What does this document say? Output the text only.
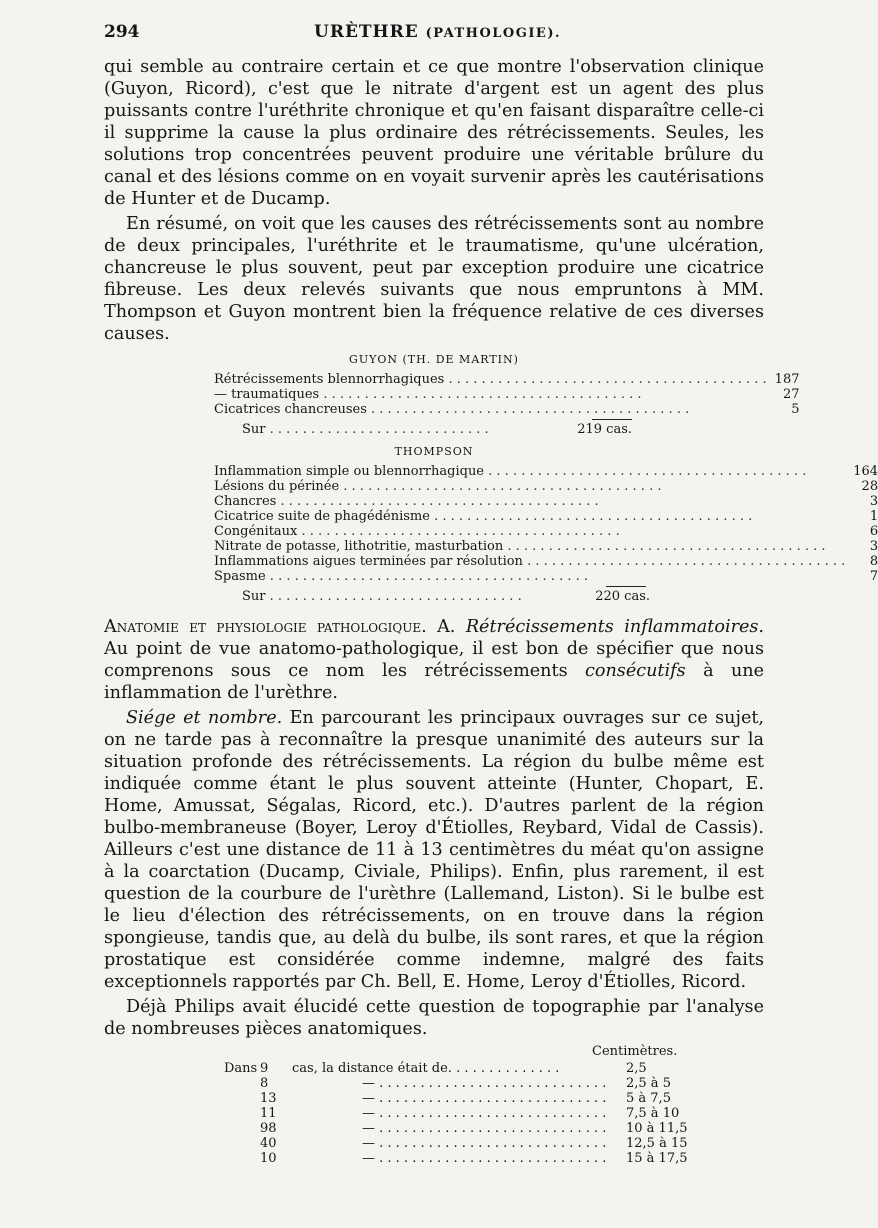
294	URÈTHRE (PATHOLOGIE).

qui semble au contraire certain et ce que montre l'observation clinique (Guyon, Ricord), c'est que le nitrate d'argent est un agent des plus puissants contre l'uréthrite chronique et qu'en faisant disparaître celle-ci il supprime la cause la plus ordinaire des rétrécissements. Seules, les solutions trop concentrées peuvent produire une véritable brûlure du canal et des lésions comme on en voyait survenir après les cautérisations de Hunter et de Ducamp.

En résumé, on voit que les causes des rétrécissements sont au nombre de deux principales, l'uréthrite et le traumatisme, qu'une ulcération, chancreuse le plus souvent, peut par exception produire une cicatrice fibreuse. Les deux relevés suivants que nous empruntons à MM. Thompson et Guyon montrent bien la fréquence relative de ces diverses causes.

GUYON (TH. DE MARTIN)
Rétrécissements blennorrhagiques . . . . . . . . . . . . . . . . . . . . . . . . . . . . . . . . . . . . . . .	187
— traumatiques . . . . . . . . . . . . . . . . . . . . . . . . . . . . . . . . . . . . . . .	27
Cicatrices chancreuses . . . . . . . . . . . . . . . . . . . . . . . . . . . . . . . . . . . . . . .	5
Sur . . . . . . . . . . . . . . . . . . . . . . . . . . .	219 cas.
THOMPSON
Inflammation simple ou blennorrhagique . . . . . . . . . . . . . . . . . . . . . . . . . . . . . . . . . . . . . . .	164
Lésions du périnée . . . . . . . . . . . . . . . . . . . . . . . . . . . . . . . . . . . . . . .	28
Chancres . . . . . . . . . . . . . . . . . . . . . . . . . . . . . . . . . . . . . . .	3
Cicatrice suite de phagédénisme . . . . . . . . . . . . . . . . . . . . . . . . . . . . . . . . . . . . . . .	1
Congénitaux . . . . . . . . . . . . . . . . . . . . . . . . . . . . . . . . . . . . . . .	6
Nitrate de potasse, lithotritie, masturbation . . . . . . . . . . . . . . . . . . . . . . . . . . . . . . . . . . . . . . .	3
Inflammations aigues terminées par résolution . . . . . . . . . . . . . . . . . . . . . . . . . . . . . . . . . . . . . . .	8
Spasme . . . . . . . . . . . . . . . . . . . . . . . . . . . . . . . . . . . . . . .	7
Sur . . . . . . . . . . . . . . . . . . . . . . . . . . . . . . .	220 cas.

Anatomie et physiologie pathologique. A. Rétrécissements inflammatoires. Au point de vue anatomo-pathologique, il est bon de spécifier que nous comprenons sous ce nom les rétrécissements consécutifs à une inflammation de l'urèthre.

Siége et nombre. En parcourant les principaux ouvrages sur ce sujet, on ne tarde pas à reconnaître la presque unanimité des auteurs sur la situation profonde des rétrécissements. La région du bulbe même est indiquée comme étant le plus souvent atteinte (Hunter, Chopart, E. Home, Amussat, Ségalas, Ricord, etc.). D'autres parlent de la région bulbo-membraneuse (Boyer, Leroy d'Étiolles, Reybard, Vidal de Cassis). Ailleurs c'est une distance de 11 à 13 centimètres du méat qu'on assigne à la coarctation (Ducamp, Civiale, Philips). Enfin, plus rarement, il est question de la courbure de l'urèthre (Lallemand, Liston). Si le bulbe est le lieu d'élection des rétrécissements, on en trouve dans la région spongieuse, tandis que, au delà du bulbe, ils sont rares, et que la région prostatique est considérée comme indemne, malgré des faits exceptionnels rapportés par Ch. Bell, E. Home, Leroy d'Étiolles, Ricord.

Déjà Philips avait élucidé cette question de topographie par l'analyse de nombreuses pièces anatomiques.

Centimètres.
Dans	9	cas, la distance était de. . . . . . . . . . . . . .	2,5
	8	— . . . . . . . . . . . . . . . . . . . . . . . . . . . .	2,5 à 5
	13	— . . . . . . . . . . . . . . . . . . . . . . . . . . . .	5 à 7,5
	11	— . . . . . . . . . . . . . . . . . . . . . . . . . . . .	7,5 à 10
	98	— . . . . . . . . . . . . . . . . . . . . . . . . . . . .	10 à 11,5
	40	— . . . . . . . . . . . . . . . . . . . . . . . . . . . .	12,5 à 15
	10	— . . . . . . . . . . . . . . . . . . . . . . . . . . . .	15 à 17,5
